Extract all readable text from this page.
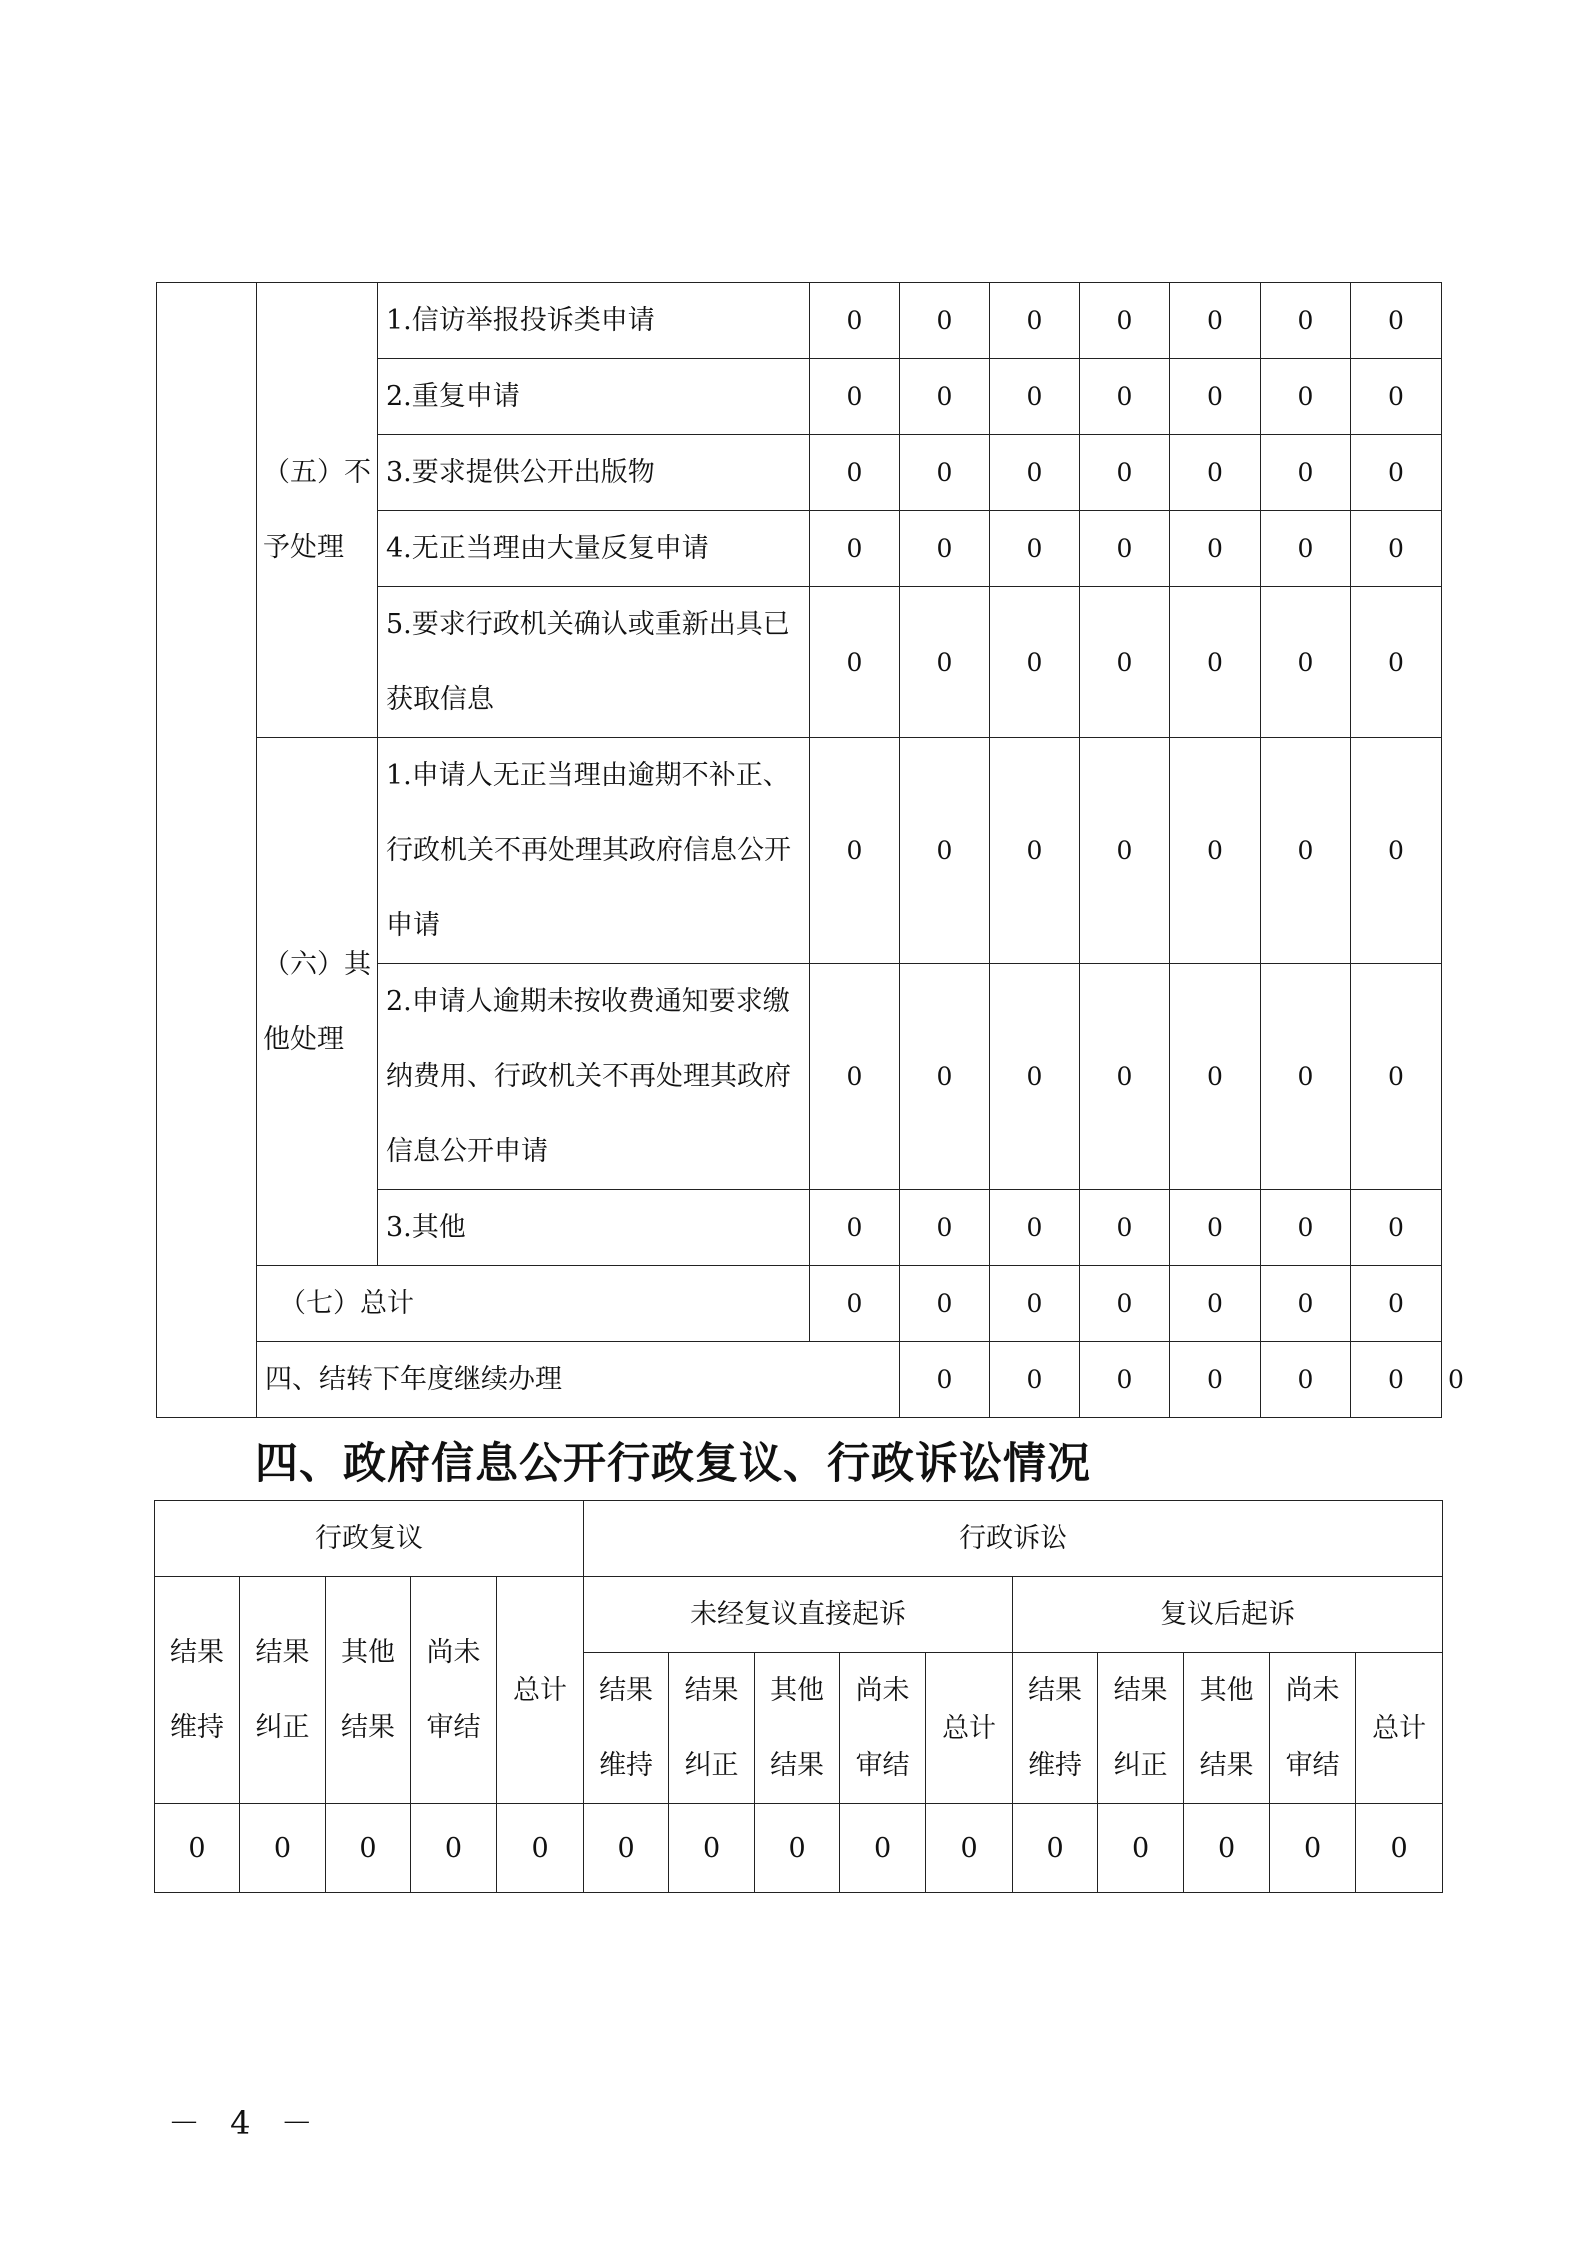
	（五）不予处理	1.信访举报投诉类申请	0	0	0	0	0	0	0	
		2.重复申请	0	0	0	0	0	0	0	
		3.要求提供公开出版物	0	0	0	0	0	0	0	
		4.无正当理由大量反复申请	0	0	0	0	0	0	0	
		5.要求行政机关确认或重新出具已获取信息	0	0	0	0	0	0	0	
	（六）其他处理	1.申请人无正当理由逾期不补正、行政机关不再处理其政府信息公开申请	0	0	0	0	0	0	0	
		2.申请人逾期未按收费通知要求缴纳费用、行政机关不再处理其政府信息公开申请	0	0	0	0	0	0	0	
		3.其他	0	0	0	0	0	0	0	
	（七）总计		0	0	0	0	0	0	0	
	四、结转下年度继续办理			0	0	0	0	0	0	0
四、政府信息公开行政复议、行政诉讼情况
行政复议					行政诉讼									
结果维持	结果纠正	其他结果	尚未审结	总计	未经复议直接起诉					复议后起诉				
					结果维持	结果纠正	其他结果	尚未审结	总计	结果维持	结果纠正	其他结果	尚未审结	总计
0	0	0	0	0	0	0	0	0	0	0	0	0	0	0
－ 4 －
